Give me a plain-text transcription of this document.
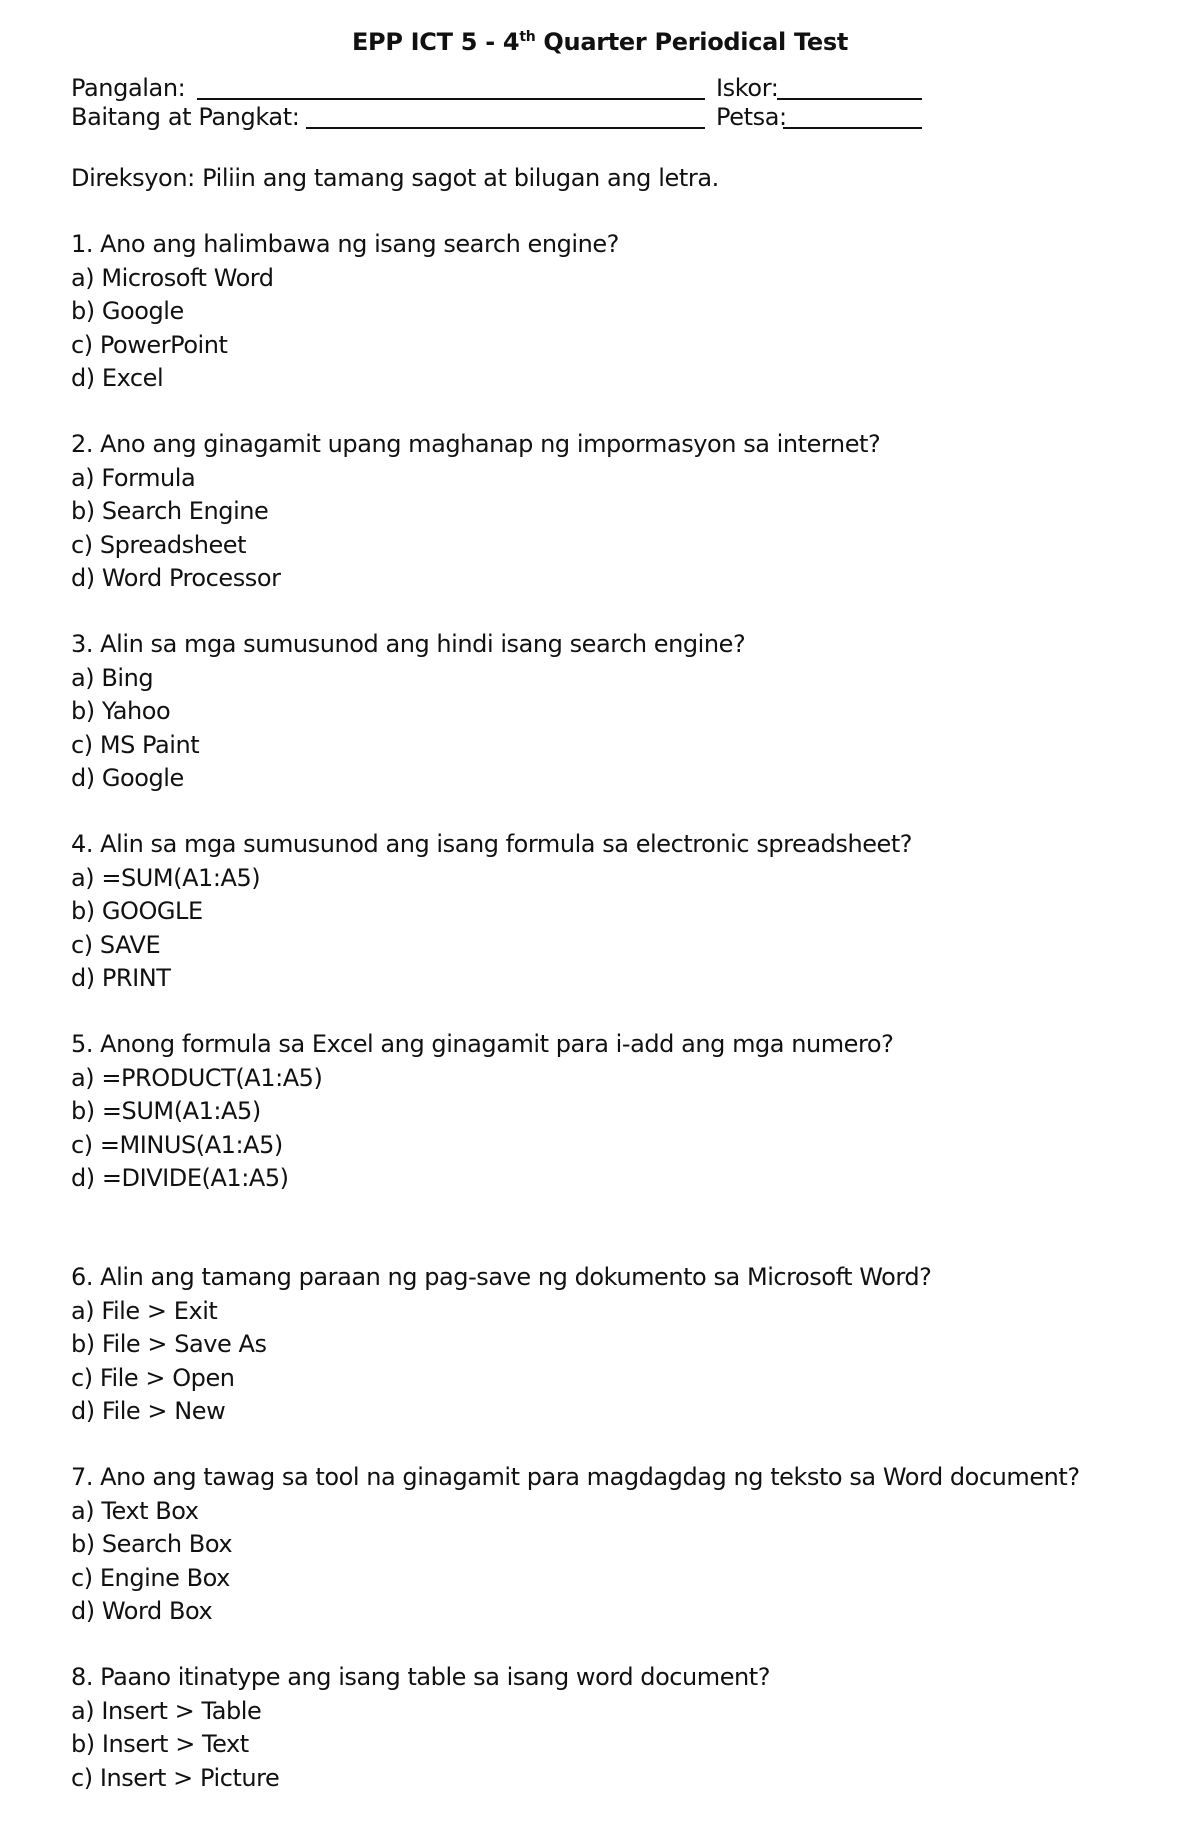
EPP ICT 5 - 4th Quarter Periodical Test
Pangalan:	Iskor:
Baitang at Pangkat:	Petsa:
Direksyon: Piliin ang tamang sagot at bilugan ang letra.
1. Ano ang halimbawa ng isang search engine?
a) Microsoft Word
b) Google
c) PowerPoint
d) Excel
2. Ano ang ginagamit upang maghanap ng impormasyon sa internet?
a) Formula
b) Search Engine
c) Spreadsheet
d) Word Processor
3. Alin sa mga sumusunod ang hindi isang search engine?
a) Bing
b) Yahoo
c) MS Paint
d) Google
4. Alin sa mga sumusunod ang isang formula sa electronic spreadsheet?
a) =SUM(A1:A5)
b) GOOGLE
c) SAVE
d) PRINT
5. Anong formula sa Excel ang ginagamit para i-add ang mga numero?
a) =PRODUCT(A1:A5)
b) =SUM(A1:A5)
c) =MINUS(A1:A5)
d) =DIVIDE(A1:A5)
6. Alin ang tamang paraan ng pag-save ng dokumento sa Microsoft Word?
a) File > Exit
b) File > Save As
c) File > Open
d) File > New
7. Ano ang tawag sa tool na ginagamit para magdagdag ng teksto sa Word document?
a) Text Box
b) Search Box
c) Engine Box
d) Word Box
8. Paano itinatype ang isang table sa isang word document?
a) Insert > Table
b) Insert > Text
c) Insert > Picture
